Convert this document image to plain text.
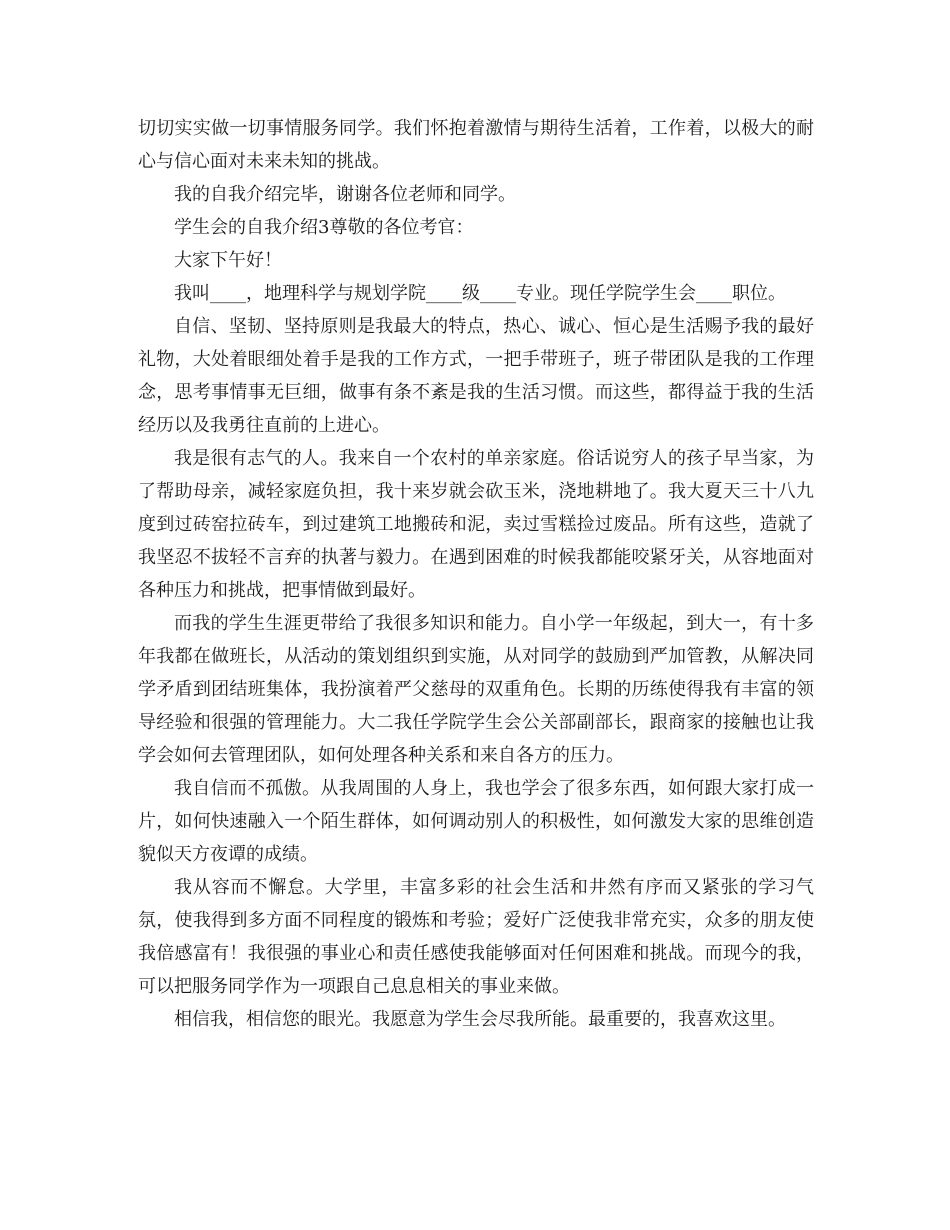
切切实实做一切事情服务同学。我们怀抱着激情与期待生活着，工作着，以极大的耐心与信心面对未来未知的挑战。

我的自我介绍完毕，谢谢各位老师和同学。

学生会的自我介绍3尊敬的各位考官：

大家下午好！

我叫____，地理科学与规划学院____级____专业。现任学院学生会____职位。

自信、坚韧、坚持原则是我最大的特点，热心、诚心、恒心是生活赐予我的最好礼物，大处着眼细处着手是我的工作方式，一把手带班子，班子带团队是我的工作理念，思考事情事无巨细，做事有条不紊是我的生活习惯。而这些，都得益于我的生活经历以及我勇往直前的上进心。

我是很有志气的人。我来自一个农村的单亲家庭。俗话说穷人的孩子早当家，为了帮助母亲，减轻家庭负担，我十来岁就会砍玉米，浇地耕地了。我大夏天三十八九度到过砖窑拉砖车，到过建筑工地搬砖和泥，卖过雪糕捡过废品。所有这些，造就了我坚忍不拔轻不言弃的执著与毅力。在遇到困难的时候我都能咬紧牙关，从容地面对各种压力和挑战，把事情做到最好。

而我的学生生涯更带给了我很多知识和能力。自小学一年级起，到大一，有十多年我都在做班长，从活动的策划组织到实施，从对同学的鼓励到严加管教，从解决同学矛盾到团结班集体，我扮演着严父慈母的双重角色。长期的历练使得我有丰富的领导经验和很强的管理能力。大二我任学院学生会公关部副部长，跟商家的接触也让我学会如何去管理团队，如何处理各种关系和来自各方的压力。

我自信而不孤傲。从我周围的人身上，我也学会了很多东西，如何跟大家打成一片，如何快速融入一个陌生群体，如何调动别人的积极性，如何激发大家的思维创造貌似天方夜谭的成绩。

我从容而不懈怠。大学里，丰富多彩的社会生活和井然有序而又紧张的学习气氛，使我得到多方面不同程度的锻炼和考验；爱好广泛使我非常充实，众多的朋友使我倍感富有！我很强的事业心和责任感使我能够面对任何困难和挑战。而现今的我，可以把服务同学作为一项跟自己息息相关的事业来做。

相信我，相信您的眼光。我愿意为学生会尽我所能。最重要的，我喜欢这里。
